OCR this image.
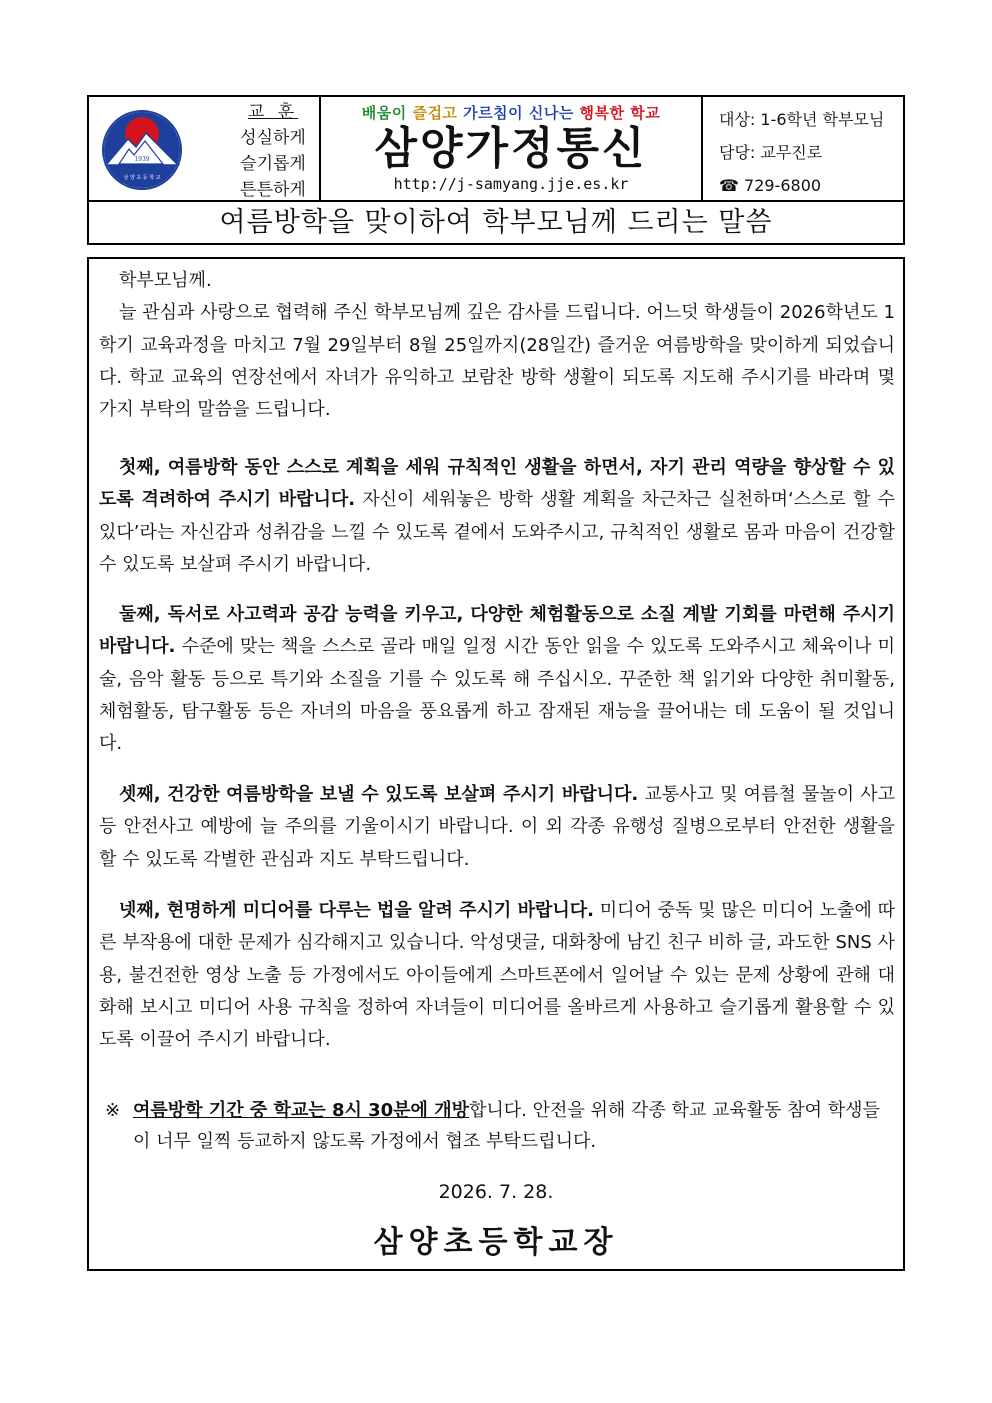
1939
삼 양 초 등 학 교
교 훈
성실하게
슬기롭게
튼튼하게
배움이 즐겁고 가르침이 신나는 행복한 학교
삼양가정통신
http://j-samyang.jje.es.kr
대상: 1-6학년 학부모님
담당: 교무진로
☎ 729-6800
여름방학을 맞이하여 학부모님께 드리는 말씀

학부모님께.

늘 관심과 사랑으로 협력해 주신 학부모님께 깊은 감사를 드립니다. 어느덧 학생들이 2026학년도 1학기 교육과정을 마치고 7월 29일부터 8월 25일까지(28일간) 즐거운 여름방학을 맞이하게 되었습니다. 학교 교육의 연장선에서 자녀가 유익하고 보람찬 방학 생활이 되도록 지도해 주시기를 바라며 몇 가지 부탁의 말씀을 드립니다.

첫째, 여름방학 동안 스스로 계획을 세워 규칙적인 생활을 하면서, 자기 관리 역량을 향상할 수 있도록 격려하여 주시기 바랍니다. 자신이 세워놓은 방학 생활 계획을 차근차근 실천하며‘스스로 할 수 있다’라는 자신감과 성취감을 느낄 수 있도록 곁에서 도와주시고, 규칙적인 생활로 몸과 마음이 건강할 수 있도록 보살펴 주시기 바랍니다.

둘째, 독서로 사고력과 공감 능력을 키우고, 다양한 체험활동으로 소질 계발 기회를 마련해 주시기 바랍니다. 수준에 맞는 책을 스스로 골라 매일 일정 시간 동안 읽을 수 있도록 도와주시고 체육이나 미술, 음악 활동 등으로 특기와 소질을 기를 수 있도록 해 주십시오. 꾸준한 책 읽기와 다양한 취미활동, 체험활동, 탐구활동 등은 자녀의 마음을 풍요롭게 하고 잠재된 재능을 끌어내는 데 도움이 될 것입니다.

셋째, 건강한 여름방학을 보낼 수 있도록 보살펴 주시기 바랍니다. 교통사고 및 여름철 물놀이 사고 등 안전사고 예방에 늘 주의를 기울이시기 바랍니다. 이 외 각종 유행성 질병으로부터 안전한 생활을 할 수 있도록 각별한 관심과 지도 부탁드립니다.

넷째, 현명하게 미디어를 다루는 법을 알려 주시기 바랍니다. 미디어 중독 및 많은 미디어 노출에 따른 부작용에 대한 문제가 심각해지고 있습니다. 악성댓글, 대화창에 남긴 친구 비하 글, 과도한 SNS 사용, 불건전한 영상 노출 등 가정에서도 아이들에게 스마트폰에서 일어날 수 있는 문제 상황에 관해 대화해 보시고 미디어 사용 규칙을 정하여 자녀들이 미디어를 올바르게 사용하고 슬기롭게 활용할 수 있도록 이끌어 주시기 바랍니다.

※ 여름방학 기간 중 학교는 8시 30분에 개방합니다. 안전을 위해 각종 학교 교육활동 참여 학생들이 너무 일찍 등교하지 않도록 가정에서 협조 부탁드립니다.
2026. 7. 28.
삼양초등학교장
